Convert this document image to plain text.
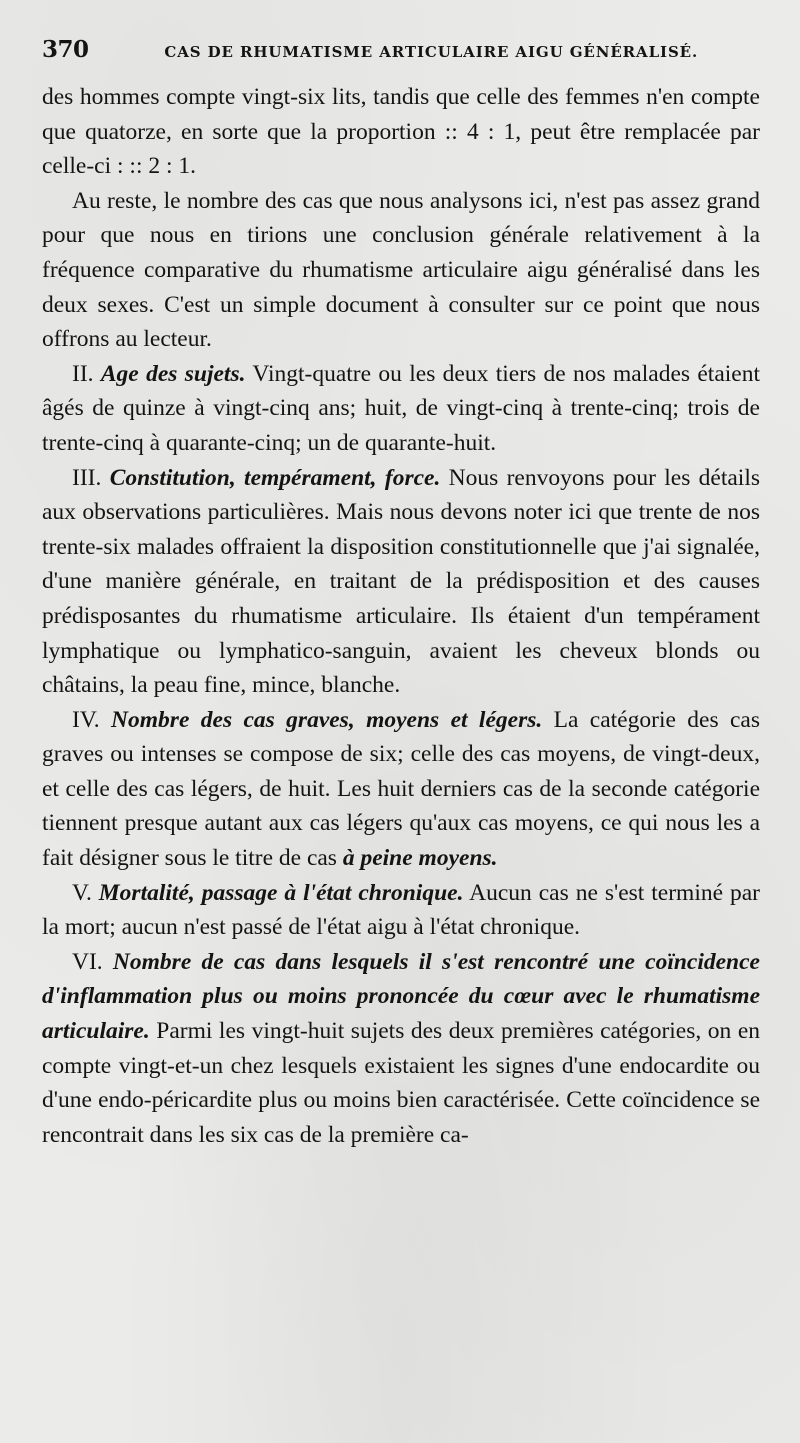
370	CAS DE RHUMATISME ARTICULAIRE AIGU GÉNÉRALISÉ.

des hommes compte vingt-six lits, tandis que celle des femmes n'en compte que quatorze, en sorte que la proportion :: 4 : 1, peut être remplacée par celle-ci : :: 2 : 1.

Au reste, le nombre des cas que nous analysons ici, n'est pas assez grand pour que nous en tirions une conclusion générale relativement à la fréquence comparative du rhumatisme articulaire aigu généralisé dans les deux sexes. C'est un simple document à consulter sur ce point que nous offrons au lecteur.

II. Age des sujets. Vingt-quatre ou les deux tiers de nos malades étaient âgés de quinze à vingt-cinq ans; huit, de vingt-cinq à trente-cinq; trois de trente-cinq à quarante-cinq; un de quarante-huit.

III. Constitution, tempérament, force. Nous renvoyons pour les détails aux observations particulières. Mais nous devons noter ici que trente de nos trente-six malades offraient la disposition constitutionnelle que j'ai signalée, d'une manière générale, en traitant de la prédisposition et des causes prédisposantes du rhumatisme articulaire. Ils étaient d'un tempérament lymphatique ou lymphatico-sanguin, avaient les cheveux blonds ou châtains, la peau fine, mince, blanche.

IV. Nombre des cas graves, moyens et légers. La catégorie des cas graves ou intenses se compose de six; celle des cas moyens, de vingt-deux, et celle des cas légers, de huit. Les huit derniers cas de la seconde catégorie tiennent presque autant aux cas légers qu'aux cas moyens, ce qui nous les a fait désigner sous le titre de cas à peine moyens.

V. Mortalité, passage à l'état chronique. Aucun cas ne s'est terminé par la mort; aucun n'est passé de l'état aigu à l'état chronique.

VI. Nombre de cas dans lesquels il s'est rencontré une coïncidence d'inflammation plus ou moins prononcée du cœur avec le rhumatisme articulaire. Parmi les vingt-huit sujets des deux premières catégories, on en compte vingt-et-un chez lesquels existaient les signes d'une endocardite ou d'une endo-péricardite plus ou moins bien caractérisée. Cette coïncidence se rencontrait dans les six cas de la première ca-
